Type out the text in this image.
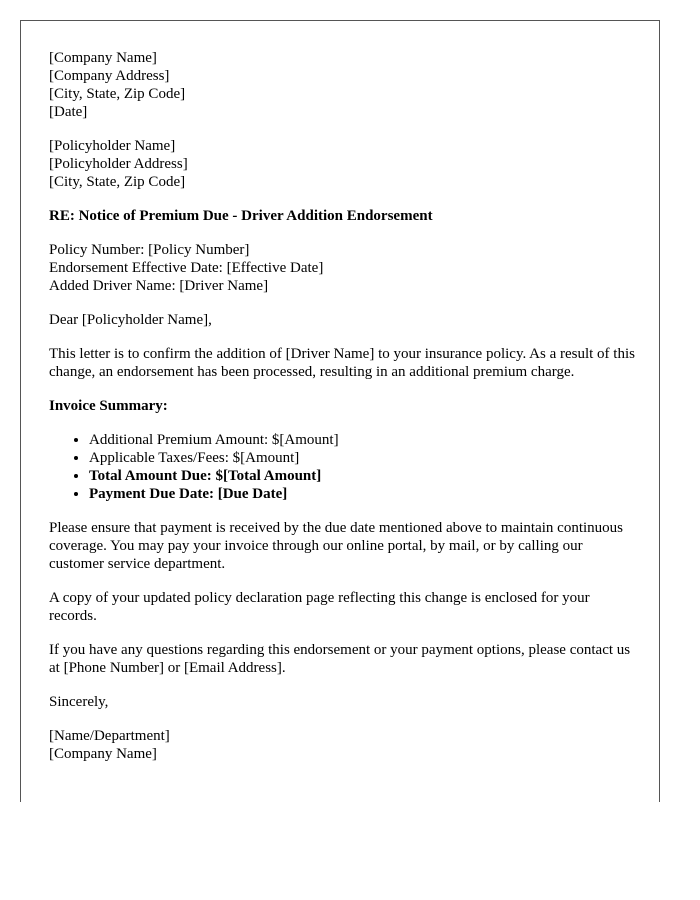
[Company Name]
[Company Address]
[City, State, Zip Code]
[Date]
[Policyholder Name]
[Policyholder Address]
[City, State, Zip Code]

RE: Notice of Premium Due - Driver Addition Endorsement

Policy Number: [Policy Number]
Endorsement Effective Date: [Effective Date]
Added Driver Name: [Driver Name]

Dear [Policyholder Name],

This letter is to confirm the addition of [Driver Name] to your insurance policy. As a result of this change, an endorsement has been processed, resulting in an additional premium charge.

Invoice Summary:

• Additional Premium Amount: $[Amount]
• Applicable Taxes/Fees: $[Amount]
• Total Amount Due: $[Total Amount]
• Payment Due Date: [Due Date]

Please ensure that payment is received by the due date mentioned above to maintain continuous coverage. You may pay your invoice through our online portal, by mail, or by calling our customer service department.

A copy of your updated policy declaration page reflecting this change is enclosed for your records.

If you have any questions regarding this endorsement or your payment options, please contact us at [Phone Number] or [Email Address].

Sincerely,

[Name/Department]
[Company Name]
